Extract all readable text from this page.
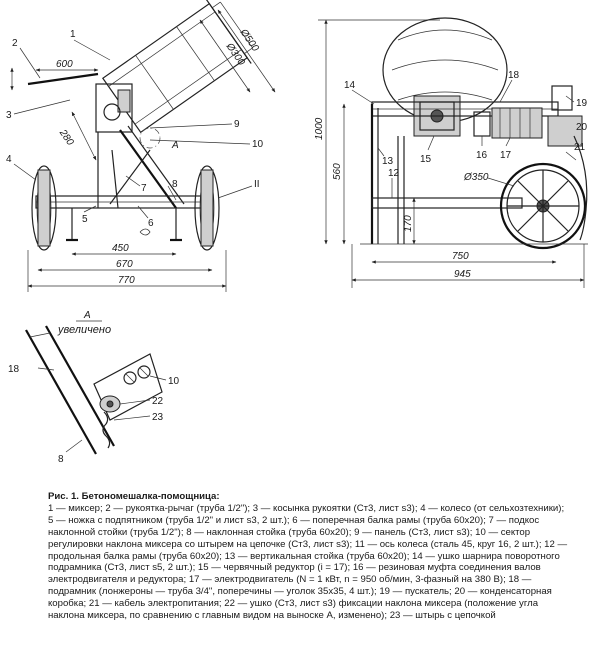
Ø300
Ø500
600
280
450
670
770
2
1
3
9
10
A
4
7	8	II
5	6
1000
560
170
750
945
Ø350
14
18
19
20
13	15	16 17
21
12
A
увеличено
18
10
22
23
8
Рис. 1. Бетономешалка-помощница:
1 — миксер; 2 — рукоятка-рычаг (труба 1/2"); 3 — косынка рукоятки (Ст3, лист s3); 4 — колесо (от сельхозтехники); 5 — ножка с подпятником (труба 1/2" и лист s3, 2 шт.); 6 — поперечная балка рамы (труба 60х20); 7 — подкос наклонной стойки (труба 1/2"); 8 — наклонная стойка (труба 60х20); 9 — панель (Ст3, лист s3); 10 — сектор регулировки наклона миксера со штырем на цепочке (Ст3, лист s3); 11 — ось колеса (сталь 45, круг 16, 2 шт.); 12 — продольная балка рамы (труба 60х20); 13 — вертикальная стойка (труба 60х20); 14 — ушко шарнира поворотного подрамника (Ст3, лист s5, 2 шт.); 15 — червячный редуктор (i = 17); 16 — резиновая муфта соединения валов электродвигателя и редуктора; 17 — электродвигатель (N = 1 кВт, n = 950 об/мин, 3-фазный на 380 В); 18 — подрамник (лонжероны — труба 3/4", поперечины — уголок 35х35, 4 шт.); 19 — пускатель; 20 — конденсаторная коробка; 21 — кабель электропитания; 22 — ушко (Ст3, лист s3) фиксации наклона миксера (положение угла наклона миксера, по сравнению с главным видом на выноске А, изменено); 23 — штырь с цепочкой
